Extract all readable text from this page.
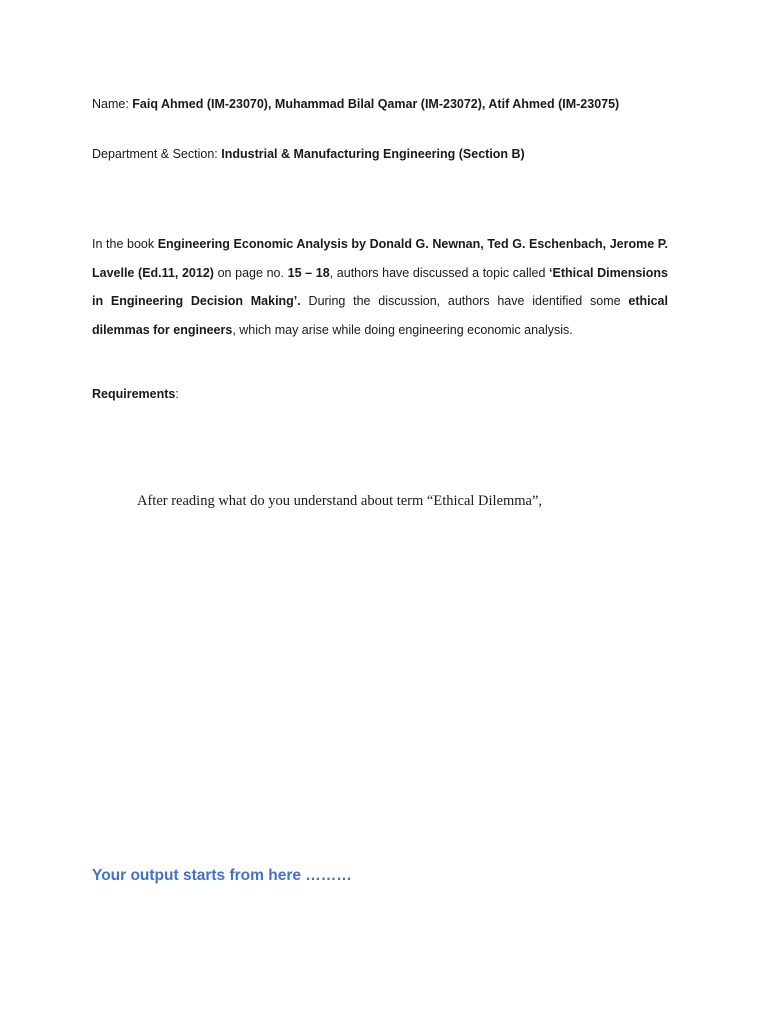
Name: Faiq Ahmed (IM-23070), Muhammad Bilal Qamar (IM-23072), Atif Ahmed (IM-23075)
Department & Section: Industrial & Manufacturing Engineering (Section B)
In the book Engineering Economic Analysis by Donald G. Newnan, Ted G. Eschenbach, Jerome P. Lavelle (Ed.11, 2012) on page no. 15 – 18, authors have discussed a topic called ‘Ethical Dimensions in Engineering Decision Making’. During the discussion, authors have identified some ethical dilemmas for engineers, which may arise while doing engineering economic analysis.
Requirements:
After reading what do you understand about term “Ethical Dilemma”,
Your output starts from here ………
